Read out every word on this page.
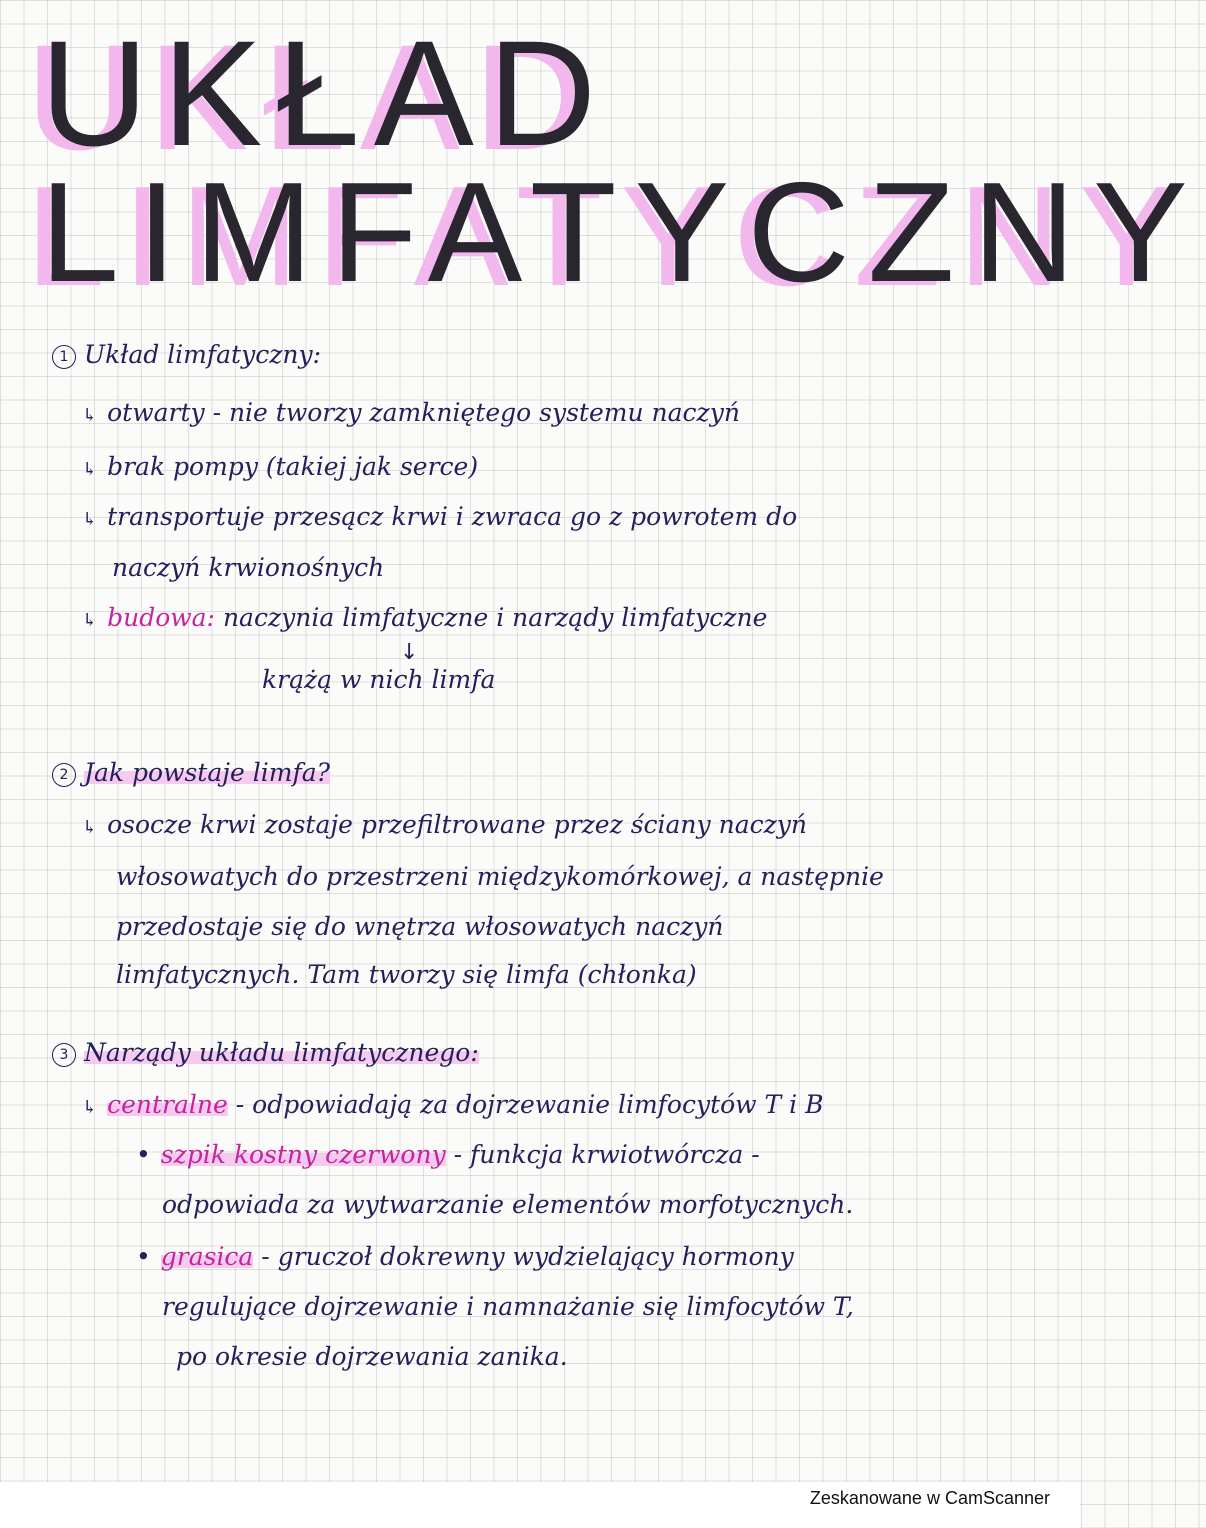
UKŁAD
LIMFATYCZNY
1 Układ limfatyczny:
↳ otwarty - nie tworzy zamkniętego systemu naczyń
↳ brak pompy (takiej jak serce)
↳ transportuje przesącz krwi i zwraca go z powrotem do
naczyń krwionośnych
↳ budowa: naczynia limfatyczne i narządy limfatyczne
↓
krążą w nich limfa
2 Jak powstaje limfa?
↳ osocze krwi zostaje przefiltrowane przez ściany naczyń
włosowatych do przestrzeni międzykomórkowej, a następnie
przedostaje się do wnętrza włosowatych naczyń
limfatycznych. Tam tworzy się limfa (chłonka)
3 Narządy układu limfatycznego:
↳ centralne - odpowiadają za dojrzewanie limfocytów T i B
• szpik kostny czerwony - funkcja krwiotwórcza -
odpowiada za wytwarzanie elementów morfotycznych.
• grasica - gruczoł dokrewny wydzielający hormony
regulujące dojrzewanie i namnażanie się limfocytów T,
po okresie dojrzewania zanika.
Zeskanowane w CamScanner
